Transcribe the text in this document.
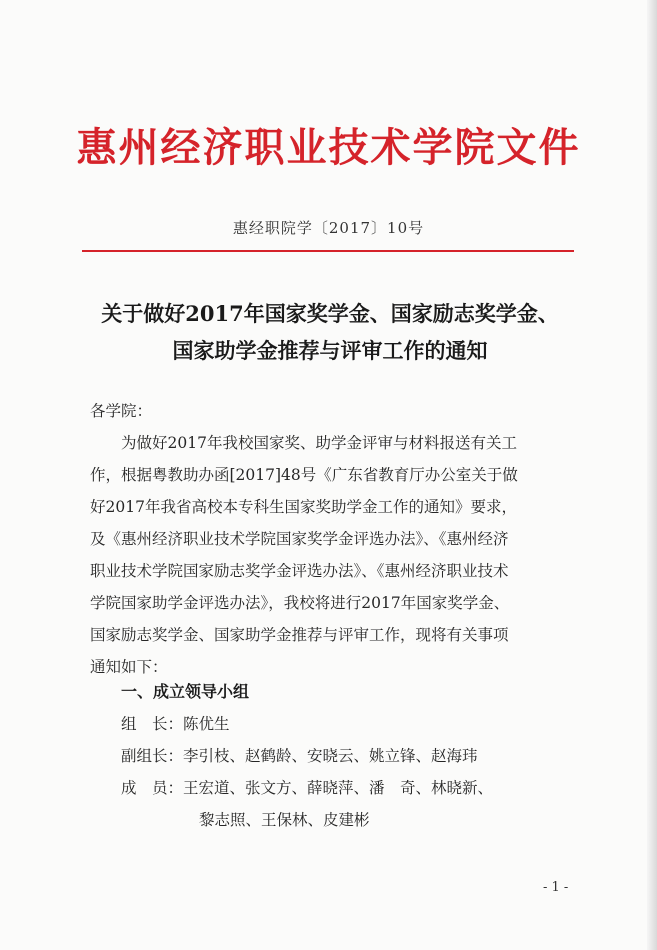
惠州经济职业技术学院文件
惠经职院学〔2017〕10号
关于做好2017年国家奖学金、国家励志奖学金、
国家助学金推荐与评审工作的通知
各学院：
为做好2017年我校国家奖、助学金评审与材料报送有关工
作，根据粤教助办函[2017]48号《广东省教育厅办公室关于做
好2017年我省高校本专科生国家奖助学金工作的通知》要求，
及《惠州经济职业技术学院国家奖学金评选办法》、《惠州经济
职业技术学院国家励志奖学金评选办法》、《惠州经济职业技术
学院国家助学金评选办法》，我校将进行2017年国家奖学金、
国家励志奖学金、国家助学金推荐与评审工作，现将有关事项
通知如下：
一、成立领导小组
组　长：陈优生
副组长：李引枝、赵鹤龄、安晓云、姚立锋、赵海玮
成　员：王宏道、张文方、薛晓萍、潘　奇、林晓新、
黎志照、王保林、皮建彬
- 1 -
